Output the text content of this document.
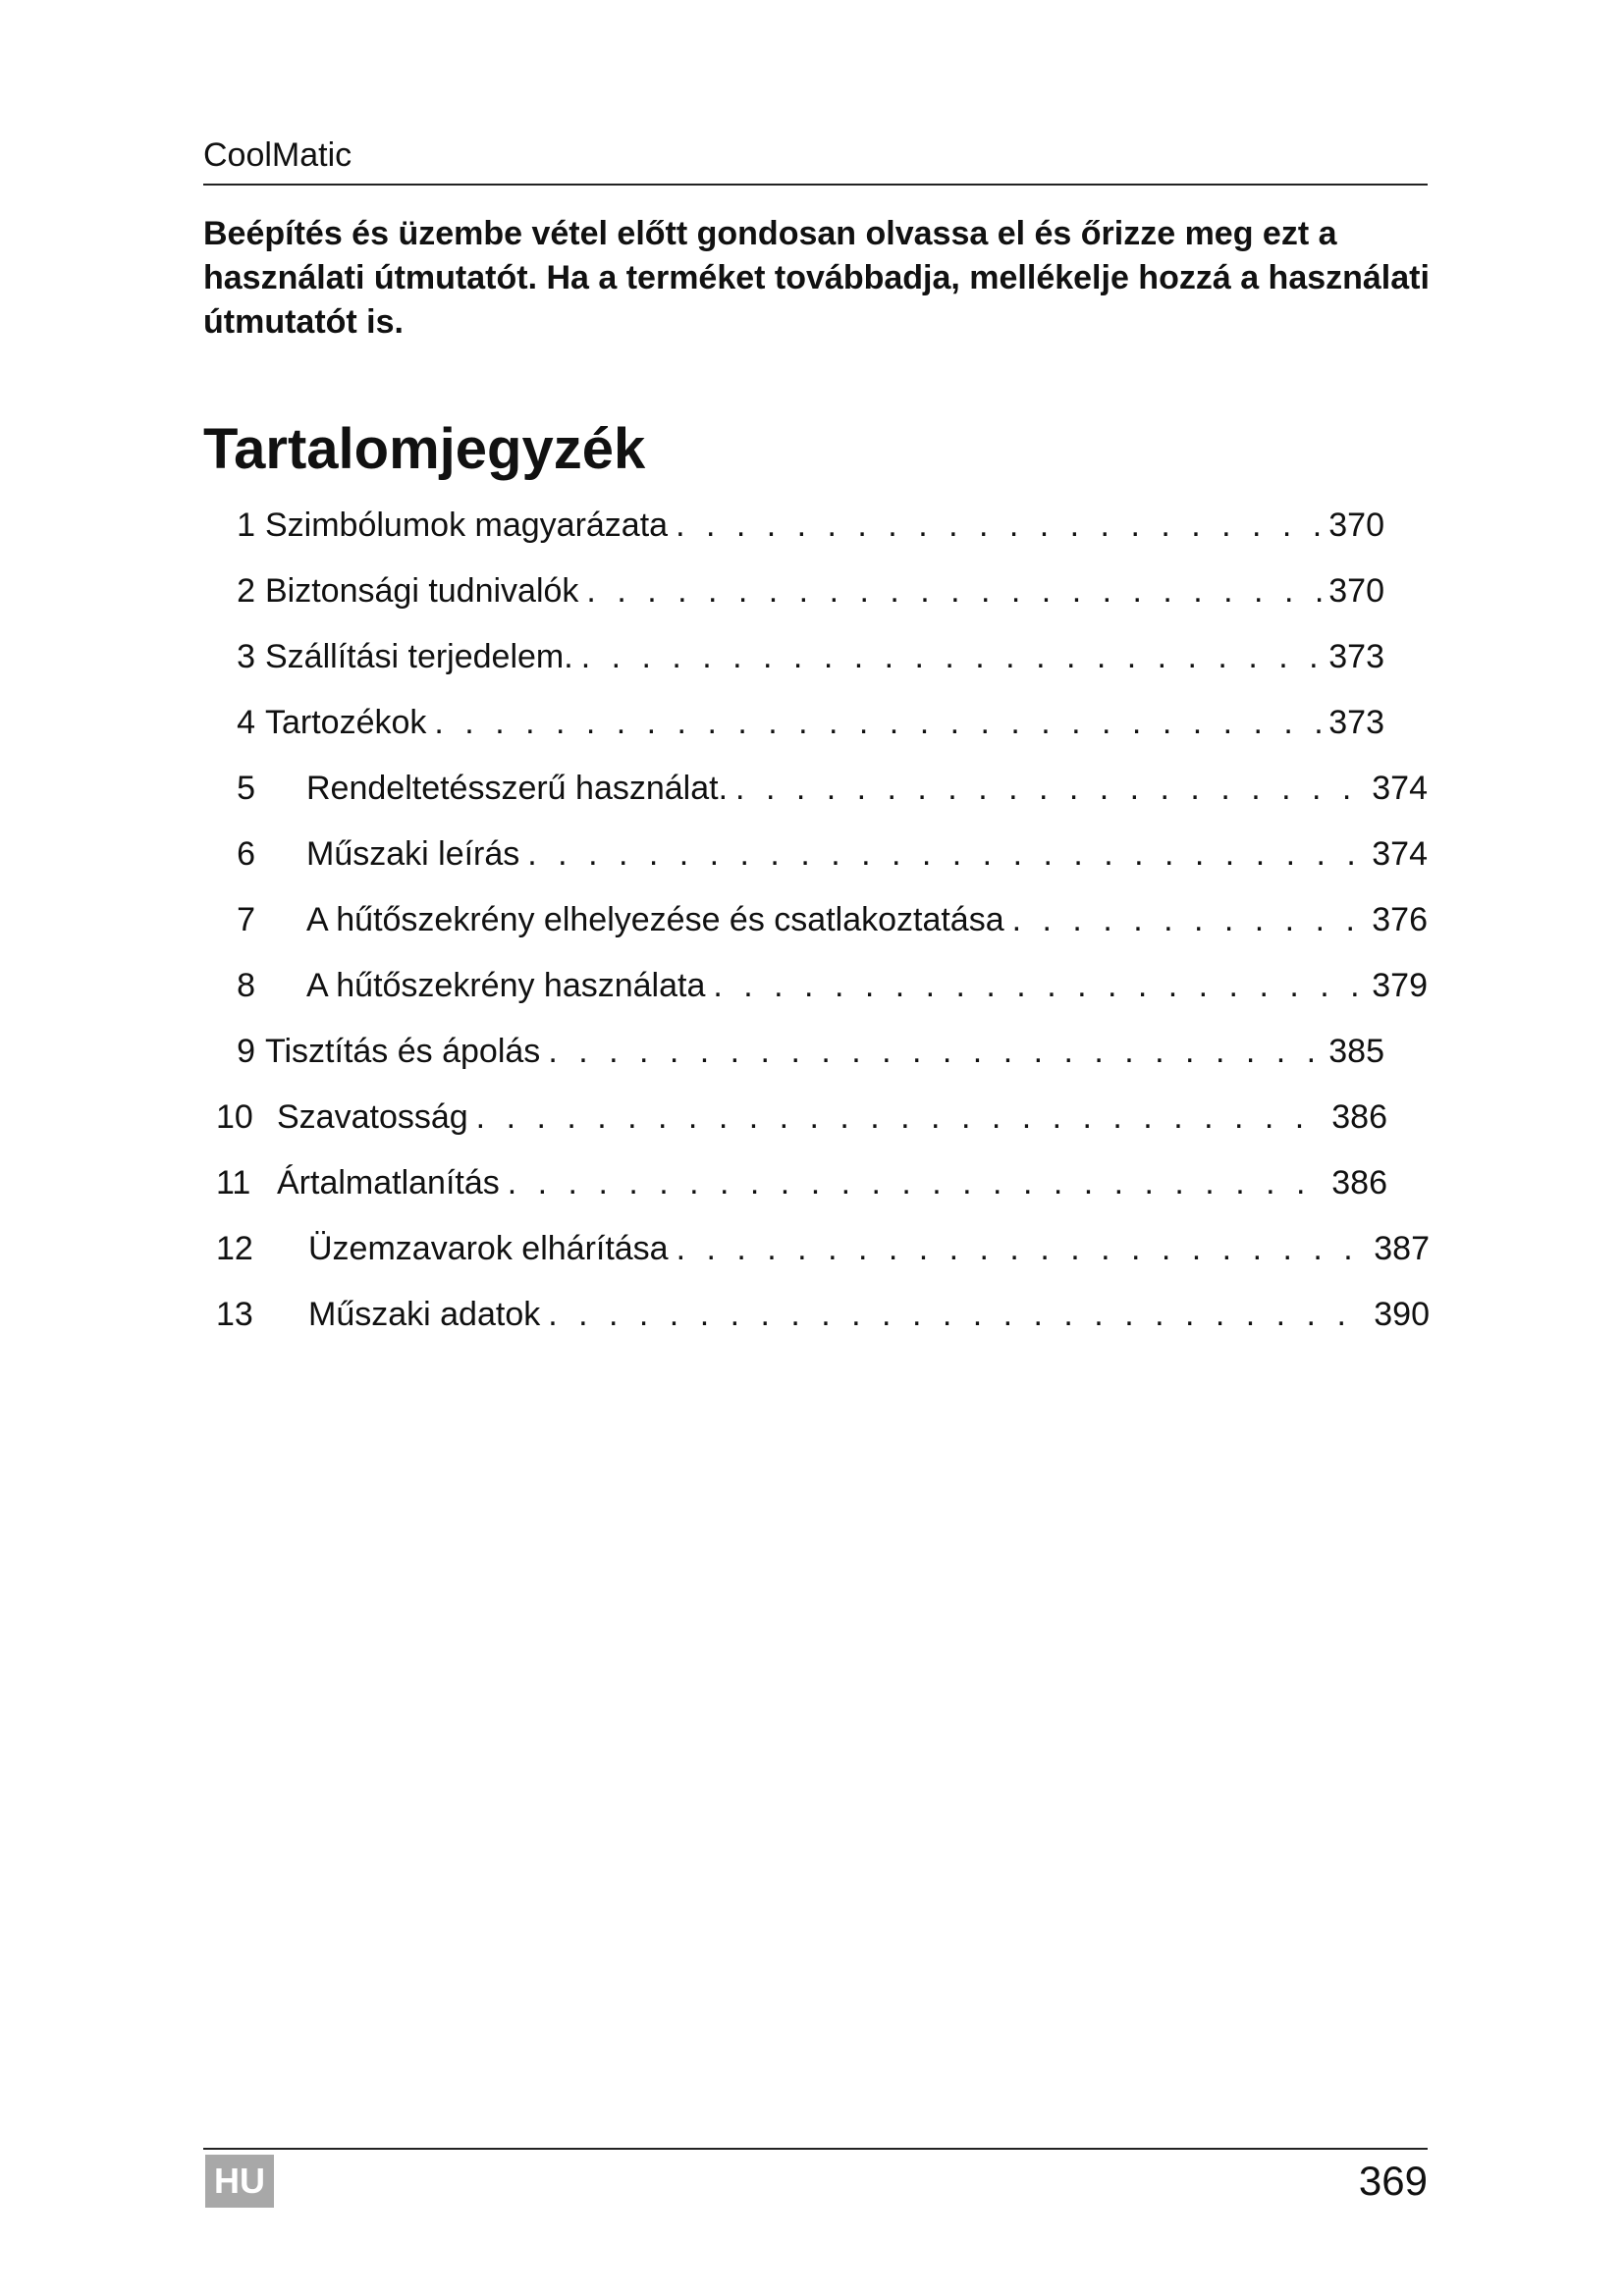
CoolMatic
Beépítés és üzembe vétel előtt gondosan olvassa el és őrizze meg ezt a használati útmutatót. Ha a terméket továbbadja, mellékelje hozzá a használati útmutatót is.
Tartalomjegyzék
1 Szimbólumok magyarázata . . .	370
2 Biztonsági tudnivalók . . .	370
3 Szállítási terjedelem. . . .	373
4 Tartozékok . . .	373
5 Rendeltetésszerű használat. . . .	374
6 Műszaki leírás . . .	374
7 A hűtőszekrény elhelyezése és csatlakoztatása . . .	376
8 A hűtőszekrény használata . . .	379
9 Tisztítás és ápolás . . .	385
10 Szavatosság . . .	386
11 Ártalmatlanítás . . .	386
12	Üzemzavarok elhárítása . . .	387
13	Műszaki adatok . . .	390
HU	369
